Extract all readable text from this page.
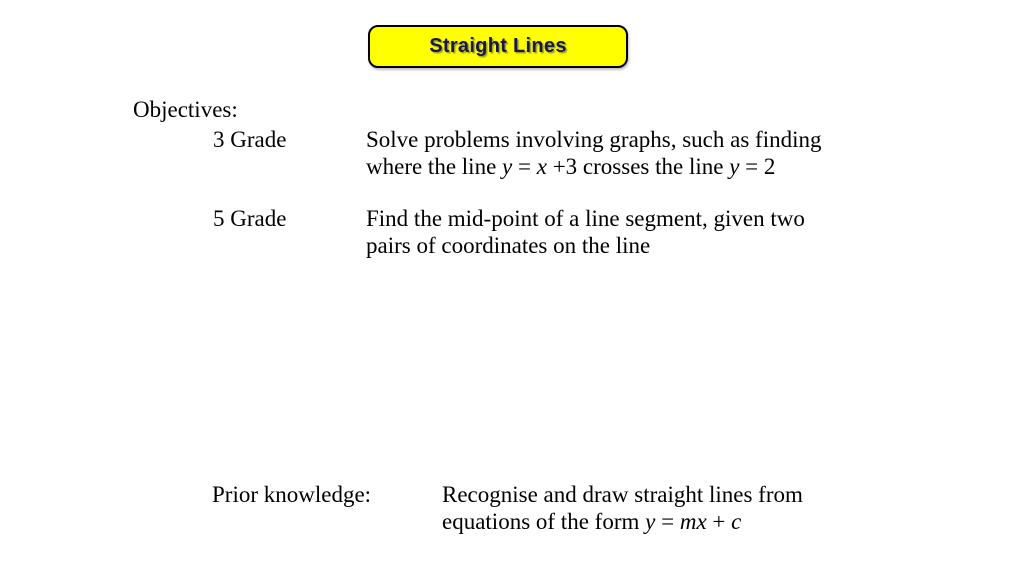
Straight Lines
Objectives:
3 Grade	Solve problems involving graphs, such as finding
where the line y = x +3 crosses the line y = 2
5 Grade	Find the mid-point of a line segment, given two
pairs of coordinates on the line
Prior knowledge:	Recognise and draw straight lines from
equations of the form y = mx + c
